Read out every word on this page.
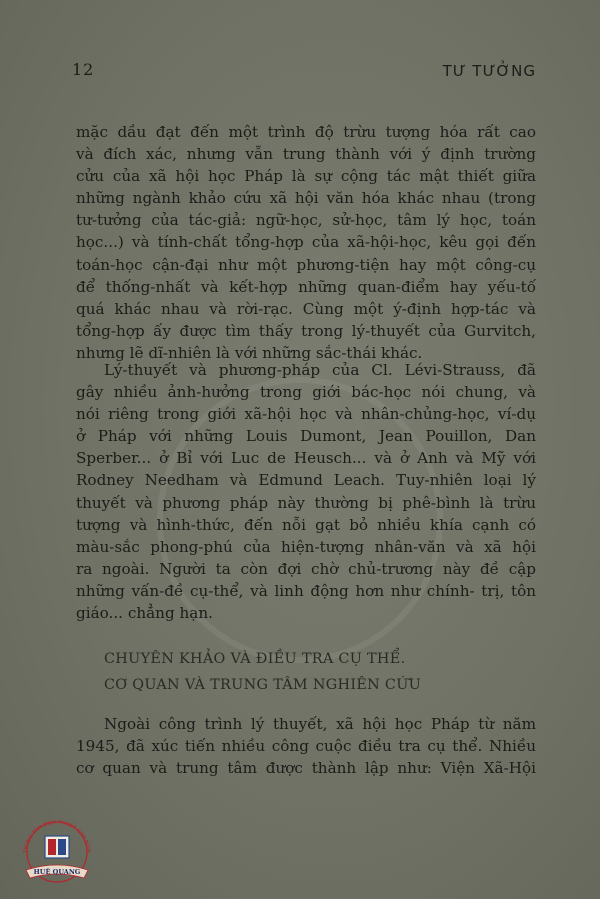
12	TƯ TƯỞNG

mặc dầu đạt đến một trình độ trừu tượng hóa rất cao
và đích xác, nhưng vẫn trung thành với ý định trường
cửu của xã hội học Pháp là sự cộng tác mật thiết giữa
những ngành khảo cứu xã hội văn hóa khác nhau (trong
tư-tưởng của tác-giả: ngữ-học, sử-học, tâm lý học, toán
học...) và tính-chất tổng-hợp của xã-hội-học, kêu gọi đến
toán-học cận-đại như một phương-tiện hay một công-cụ
để thống-nhất và kết-hợp những quan-điểm hay yếu-tố
quá khác nhau và rời-rạc. Cùng một ý-định hợp-tác và
tổng-hợp ấy được tìm thấy trong lý-thuyết của Gurvitch,
nhưng lẽ dĩ-nhiên là với những sắc-thái khác.

Lý-thuyết và phương-pháp của Cl. Lévi-Strauss, đã
gây nhiều ảnh-hưởng trong giới bác-học nói chung, và
nói riêng trong giới xã-hội học và nhân-chủng-học, ví-dụ
ở Pháp với những Louis Dumont, Jean Pouillon, Dan
Sperber... ở Bỉ với Luc de Heusch... và ở Anh và Mỹ với
Rodney Needham và Edmund Leach. Tuy-nhiên loại lý
thuyết và phương pháp này thường bị phê-bình là trừu
tượng và hình-thức, đến nỗi gạt bỏ nhiều khía cạnh có
màu-sắc phong-phú của hiện-tượng nhân-văn và xã hội
ra ngoài. Người ta còn đợi chờ chủ-trương này đề cập
những vấn-đề cụ-thể, và linh động hơn như chính- trị, tôn
giáo... chẳng hạn.

CHUYÊN KHẢO VÀ ĐIỀU TRA CỤ THỂ.
CƠ QUAN VÀ TRUNG TÂM NGHIÊN CỨU

Ngoài công trình lý thuyết, xã hội học Pháp từ năm
1945, đã xúc tiến nhiều công cuộc điều tra cụ thể. Nhiều
cơ quan và trung tâm được thành lập như: Viện Xã-Hội

TRUNG TÂM DỊCH THUẬT HÁN NÔM
HUỆ QUANG
